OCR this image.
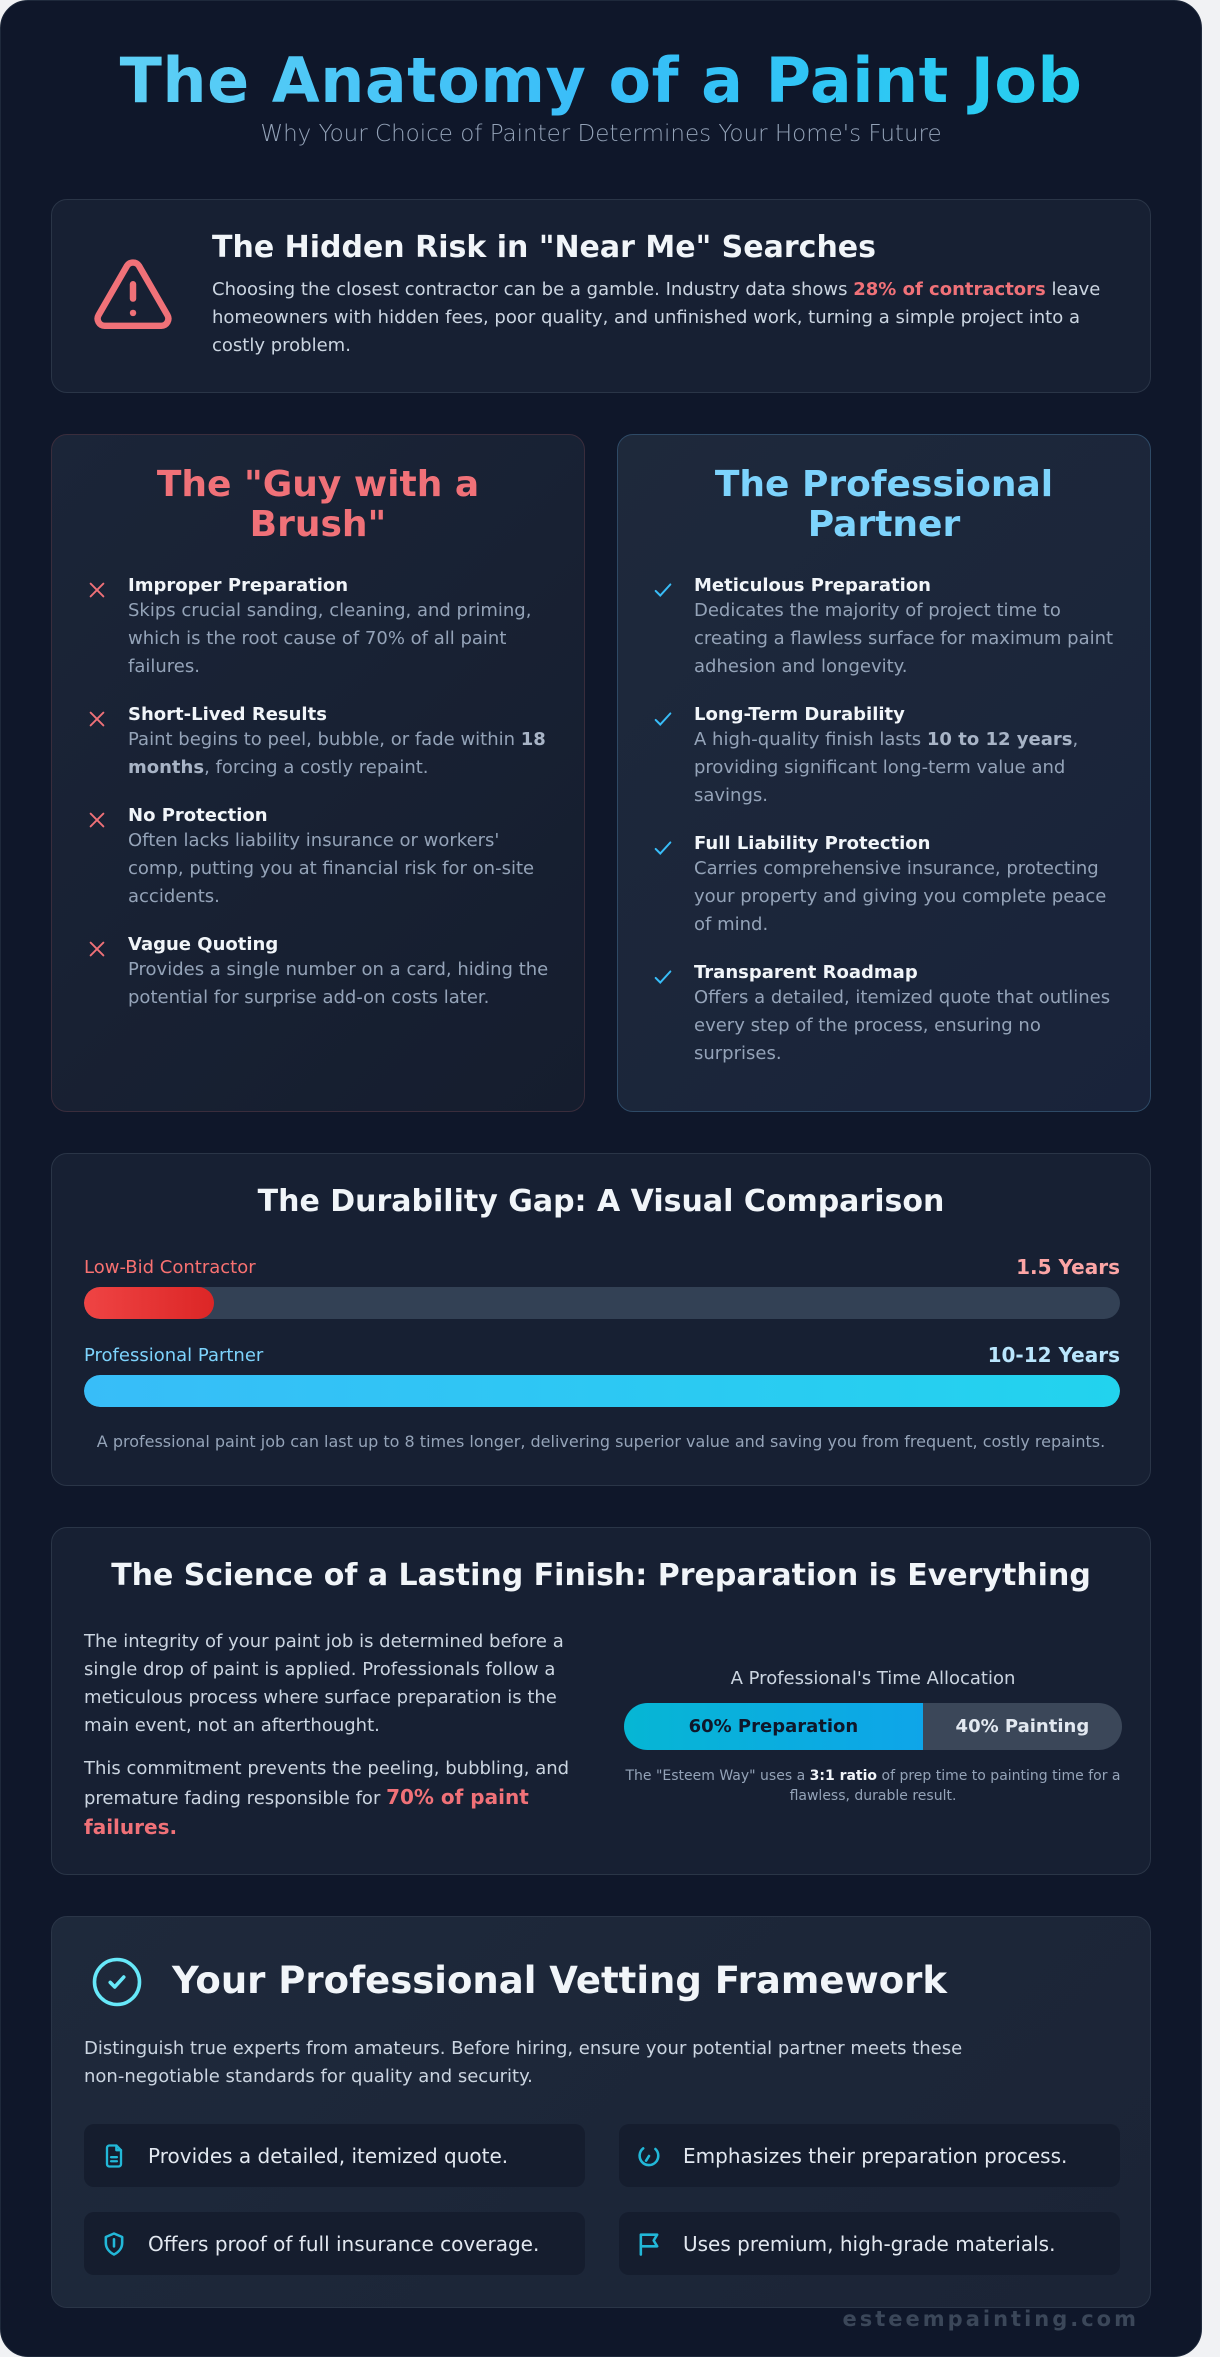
The Anatomy of a Paint Job
Why Your Choice of Painter Determines Your Home's Future
The Hidden Risk in "Near Me" Searches

Choosing the closest contractor can be a gamble. Industry data shows 28% of contractors leave homeowners with hidden fees, poor quality, and unfinished work, turning a simple project into a costly problem.

The "Guy with a Brush"
Improper Preparation
Skips crucial sanding, cleaning, and priming, which is the root cause of 70% of all paint failures.
Short-Lived Results
Paint begins to peel, bubble, or fade within 18 months, forcing a costly repaint.
No Protection
Often lacks liability insurance or workers' comp, putting you at financial risk for on-site accidents.
Vague Quoting
Provides a single number on a card, hiding the potential for surprise add-on costs later.
The Professional Partner
Meticulous Preparation
Dedicates the majority of project time to creating a flawless surface for maximum paint adhesion and longevity.
Long-Term Durability
A high-quality finish lasts 10 to 12 years, providing significant long-term value and savings.
Full Liability Protection
Carries comprehensive insurance, protecting your property and giving you complete peace of mind.
Transparent Roadmap
Offers a detailed, itemized quote that outlines every step of the process, ensuring no surprises.
The Durability Gap: A Visual Comparison
Low-Bid Contractor	1.5 Years
Professional Partner	10-12 Years
A professional paint job can last up to 8 times longer, delivering superior value and saving you from frequent, costly repaints.
The Science of a Lasting Finish: Preparation is Everything

The integrity of your paint job is determined before a single drop of paint is applied. Professionals follow a meticulous process where surface preparation is the main event, not an afterthought.

This commitment prevents the peeling, bubbling, and premature fading responsible for 70% of paint failures.

A Professional's Time Allocation
60% Preparation	40% Painting
The "Esteem Way" uses a 3:1 ratio of prep time to painting time for a flawless, durable result.
Your Professional Vetting Framework
Distinguish true experts from amateurs. Before hiring, ensure your potential partner meets these non-negotiable standards for quality and security.
Provides a detailed, itemized quote.	Emphasizes their preparation process.
Offers proof of full insurance coverage.	Uses premium, high-grade materials.
esteempainting.com
